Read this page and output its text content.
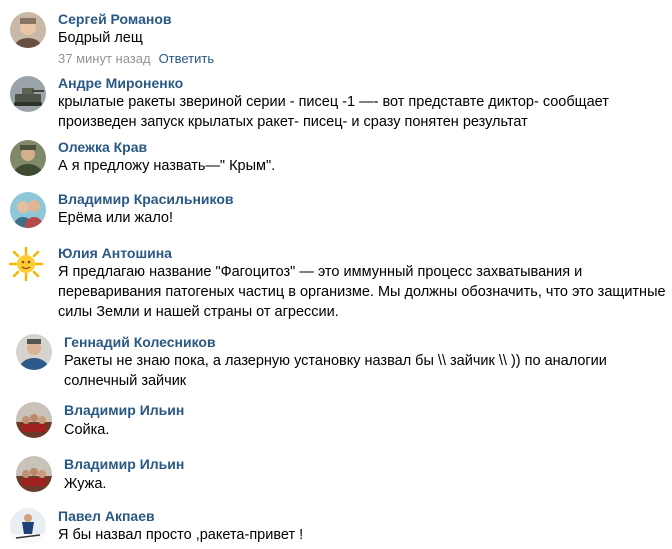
Сергей Романов
Бодрый лещ
37 минут назад Ответить
Андре Мироненко
крылатые ракеты звериной серии - писец -1 —- вот представте диктор- сообщает
произведен запуск крылатых ракет- писец- и сразу понятен результат
Олежка Крав
А я предложу назвать—" Крым".
Владимир Красильников
Ерёма или жало!
Юлия Антошина
Я предлагаю название "Фагоцитоз" — это иммунный процесс захватывания и
переваривания патогеных частиц в организме. Мы должны обозначить, что это защитные
силы Земли и нашей страны от агрессии.
Геннадий Колесников
Ракеты не знаю пока, а лазерную установку назвал бы \\ зайчик \\ )) по аналогии
солнечный зайчик
Владимир Ильин
Сойка.
Владимир Ильин
Жужа.
Павел Акпаев
Я бы назвал просто ,ракета-привет !
